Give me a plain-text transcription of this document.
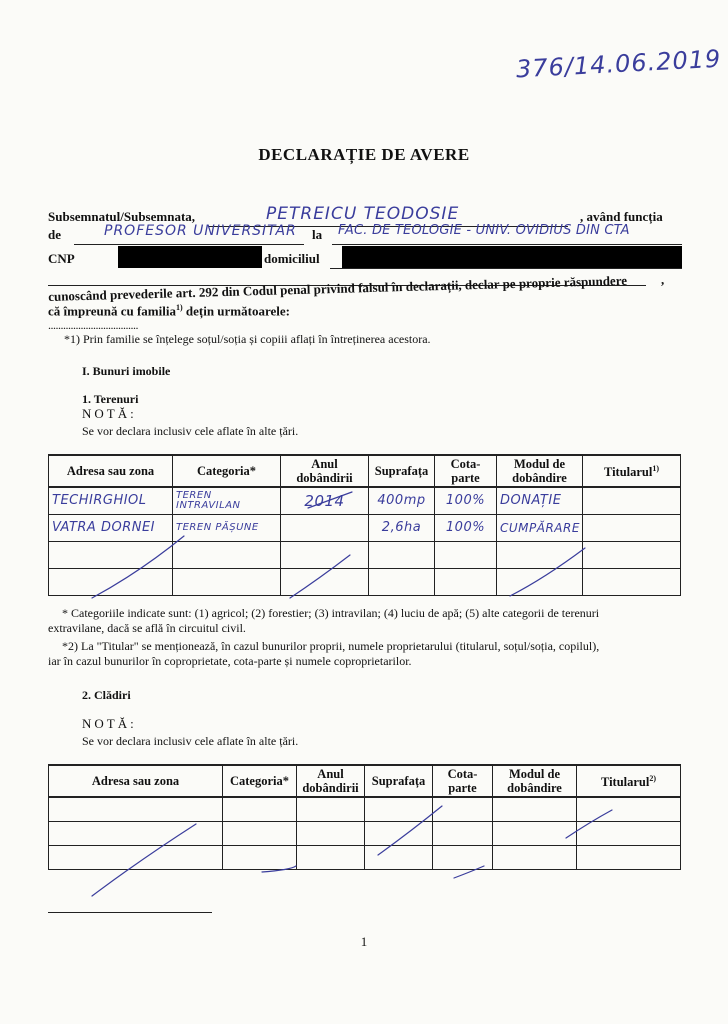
376/14.06.2019
DECLARAȚIE DE AVERE
Subsemnatul/Subsemnata,	PETREICU TEODOSIE	, având funcția
de	PROFESOR UNIVERSITAR la FAC. DE TEOLOGIE - UNIV. OVIDIUS DIN CTA
CNP	domiciliul
,
cunoscând prevederile art. 292 din Codul penal privind falsul în declarații, declar pe proprie răspundere
că împreună cu familia$^{1)}$ dețin următoarele:
....................................
*1) Prin familie se înțelege soțul/soția și copiii aflați în întreținerea acestora.
I. Bunuri imobile
1. Terenuri
NOTĂ:
Se vor declara inclusiv cele aflate în alte țări.
Adresa sau zona	Categoria*	Anul dobândirii	Suprafața	Cota-parte	Modul de dobândire	Titularul$^{1)}$
TECHIRGHIOL	TEREN INTRAVILAN	2014	400mp	100%	DONAȚIE	
VATRA DORNEI	TEREN PĂȘUNE		2,6ha	100%	CUMPĂRARE	

* Categoriile indicate sunt: (1) agricol; (2) forestier; (3) intravilan; (4) luciu de apă; (5) alte categorii de terenuri
extravilane, dacă se află în circuitul civil.
*2) La "Titular" se menționează, în cazul bunurilor proprii, numele proprietarului (titularul, soțul/soția, copilul),
iar în cazul bunurilor în coproprietate, cota-parte și numele coproprietarilor.
2. Clădiri
NOTĂ:
Se vor declara inclusiv cele aflate în alte țări.
Adresa sau zona	Categoria*	Anul dobândirii	Suprafața	Cota-parte	Modul de dobândire	Titularul$^{2)}$

1
